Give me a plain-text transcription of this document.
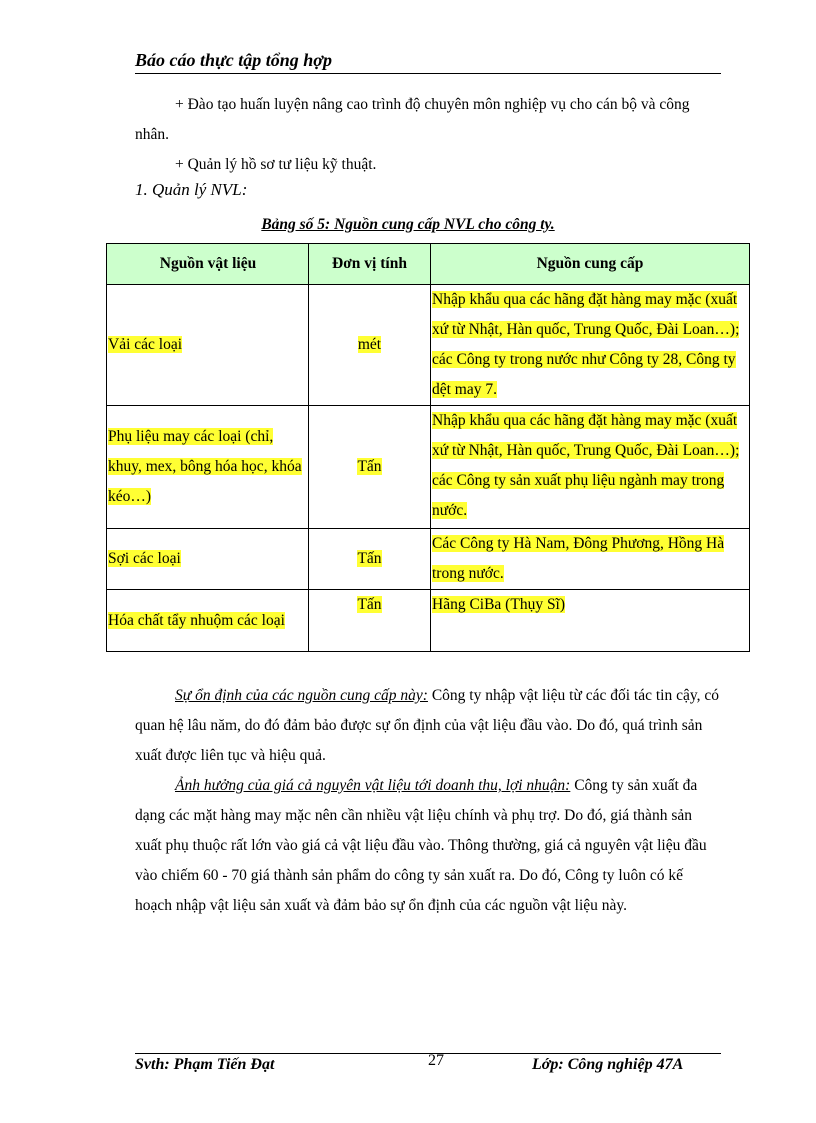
Báo cáo thực tập tổng hợp
+ Đào tạo huấn luyện nâng cao trình độ chuyên môn nghiệp vụ cho cán bộ và công nhân.
+ Quản lý hồ sơ tư liệu kỹ thuật.
1. Quản lý NVL:
Bảng số 5: Nguồn cung cấp NVL cho công ty.
Nguồn vật liệu	Đơn vị tính	Nguồn cung cấp
Vải các loại	mét	Nhập khẩu qua các hãng đặt hàng may mặc (xuất xứ từ Nhật, Hàn quốc, Trung Quốc, Đài Loan…); các Công ty trong nước như Công ty 28, Công ty dệt may 7.
Phụ liệu may các loại (chỉ, khuy, mex, bông hóa học, khóa kéo…)	Tấn	Nhập khẩu qua các hãng đặt hàng may mặc (xuất xứ từ Nhật, Hàn quốc, Trung Quốc, Đài Loan…); các Công ty sản xuất phụ liệu ngành may trong nước.
Sợi các loại	Tấn	Các Công ty Hà Nam, Đông Phương, Hồng Hà trong nước.
Hóa chất tẩy nhuộm các loại	Tấn	Hãng CiBa (Thụy Sĩ)
Sự ổn định của các nguồn cung cấp này: Công ty nhập vật liệu từ các đối tác tin cậy, có quan hệ lâu năm, do đó đảm bảo được sự ổn định của vật liệu đầu vào. Do đó, quá trình sản xuất được liên tục và hiệu quả.
Ảnh hưởng của giá cả nguyên vật liệu tới doanh thu, lợi nhuận: Công ty sản xuất đa dạng các mặt hàng may mặc nên cần nhiều vật liệu chính và phụ trợ. Do đó, giá thành sản xuất phụ thuộc rất lớn vào giá cả vật liệu đầu vào. Thông thường, giá cả nguyên vật liệu đầu vào chiếm 60 - 70 giá thành sản phẩm do công ty sản xuất ra. Do đó, Công ty luôn có kế hoạch nhập vật liệu sản xuất và đảm bảo sự ổn định của các nguồn vật liệu này.
Svth: Phạm Tiến Đạt	27	Lớp: Công nghiệp 47A
